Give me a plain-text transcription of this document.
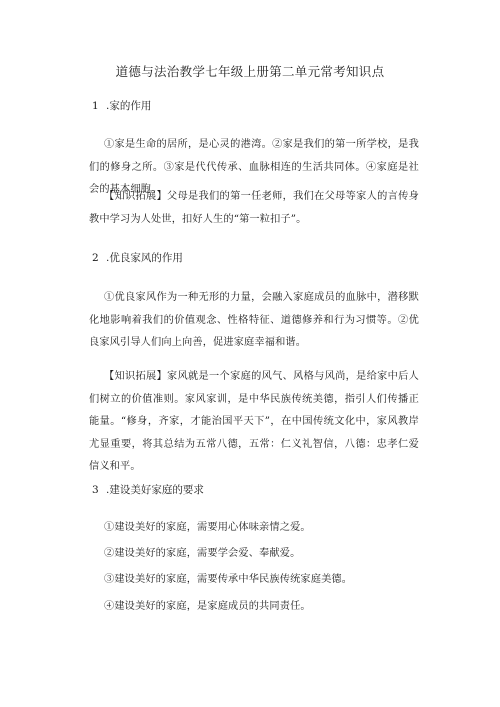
道德与法治教学七年级上册第二单元常考知识点
1 .家的作用
①家是生命的居所，是心灵的港湾。②家是我们的第一所学校，是我们的修身之所。③家是代代传承、血脉相连的生活共同体。④家庭是社会的基本细胞。
【知识拓展】父母是我们的第一任老师，我们在父母等家人的言传身教中学习为人处世，扣好人生的“第一粒扣子”。
2 .优良家风的作用
①优良家风作为一种无形的力量，会融入家庭成员的血脉中，潜移默化地影响着我们的价值观念、性格特征、道德修养和行为习惯等。②优良家风引导人们向上向善，促进家庭幸福和谐。
【知识拓展】家风就是一个家庭的风气、风格与风尚，是给家中后人们树立的价值准则。家风家训，是中华民族传统美德，指引人们传播正能量。“修身，齐家，才能治国平天下”，在中国传统文化中，家风教岸尤显重要，将其总结为五常八德，五常：仁义礼智信，八德：忠孝仁爱信义和平。
3 .建设美好家庭的要求
①建设美好的家庭，需要用心体味亲情之爱。
②建设美好的家庭，需要学会爱、奉献爱。
③建设美好的家庭，需要传承中华民族传统家庭美德。
④建设美好的家庭，是家庭成员的共同责任。
